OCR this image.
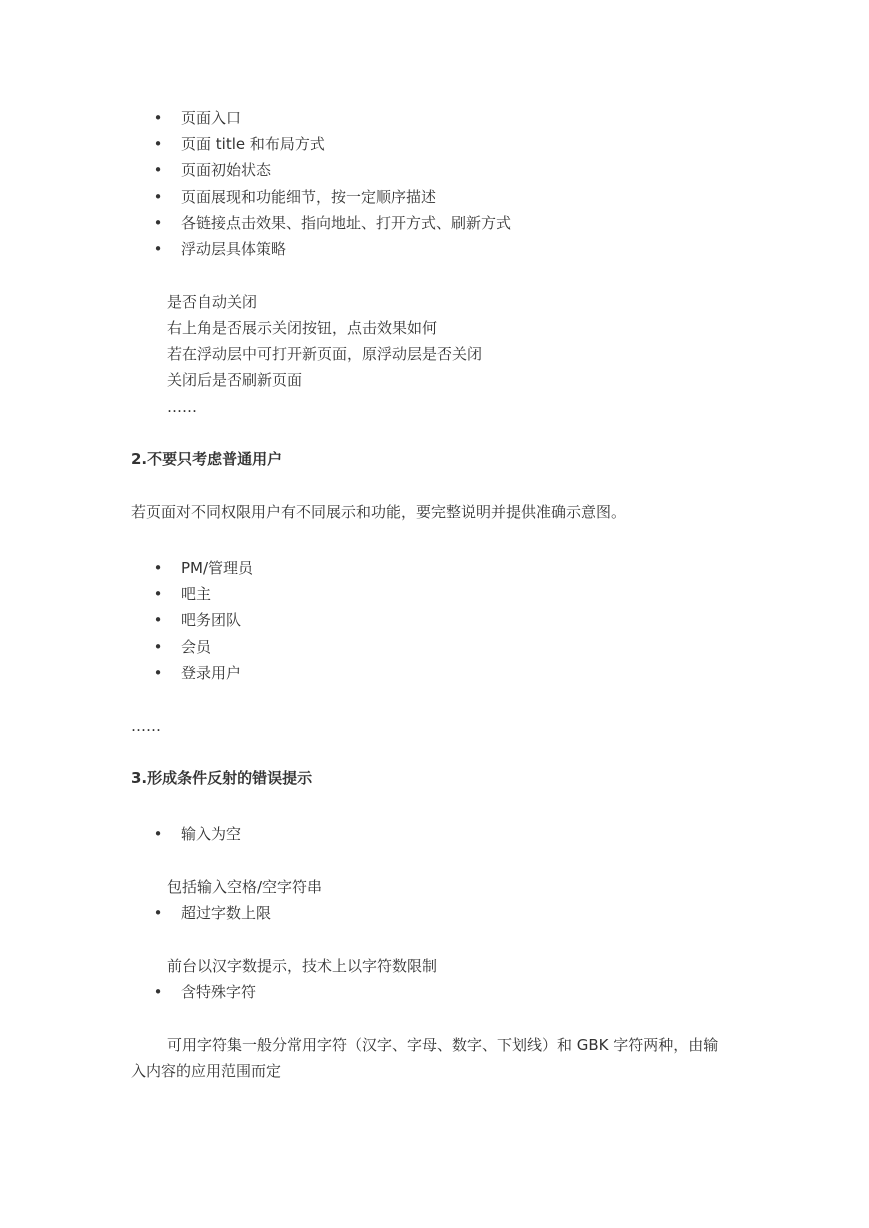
• 页面入口
• 页面 title 和布局方式
• 页面初始状态
• 页面展现和功能细节，按一定顺序描述
• 各链接点击效果、指向地址、打开方式、刷新方式
• 浮动层具体策略
是否自动关闭
右上角是否展示关闭按钮，点击效果如何
若在浮动层中可打开新页面，原浮动层是否关闭
关闭后是否刷新页面
……
2.不要只考虑普通用户
若页面对不同权限用户有不同展示和功能，要完整说明并提供准确示意图。
• PM/管理员
• 吧主
• 吧务团队
• 会员
• 登录用户
……
3.形成条件反射的错误提示
• 输入为空
包括输入空格/空字符串
• 超过字数上限
前台以汉字数提示，技术上以字符数限制
• 含特殊字符
可用字符集一般分常用字符（汉字、字母、数字、下划线）和 GBK 字符两种，由输
入内容的应用范围而定
